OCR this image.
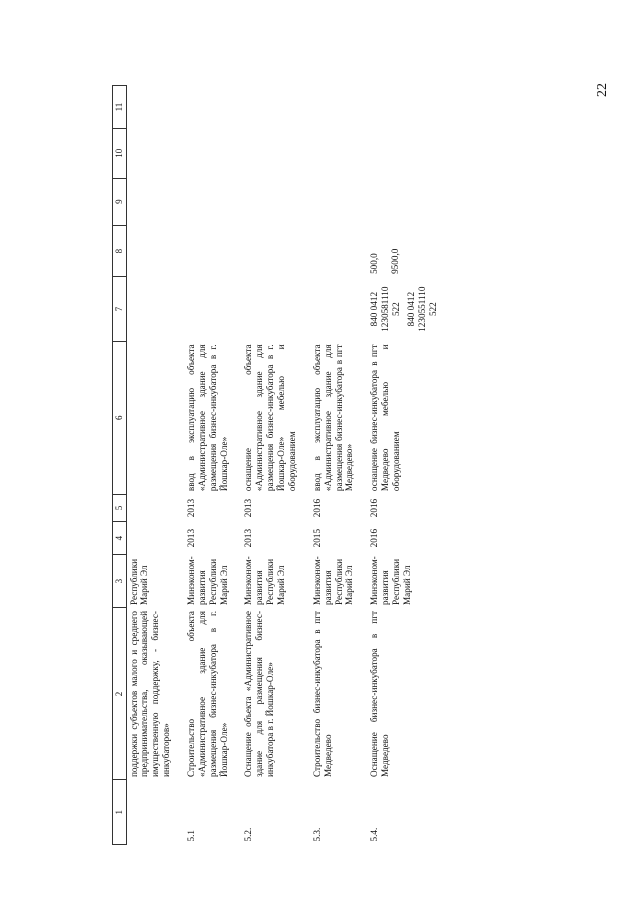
22
1	2	3	4	5	6	7	8	9	10	11
	поддержки субъектов малого и среднего предпринимательства, оказывающей имущественную поддержку, - бизнес-инкубаторов»	Республики Марий Эл								
5.1	Строительство объекта «Административное здание для размещения бизнес-инкубатора в г. Йошкар-Оле»	Минэконом-развития Республики Марий Эл	2013	2013	ввод в эксплуатацию объекта «Административное здание для размещения бизнес-инкубатора в г. Йошкар-Оле»	

5.2.	Оснащение объекта «Административное здание для размещения бизнес-инкубатора в г. Йошкар-Оле»	Минэконом-развития Республики Марий Эл	2013	2013	оснащение объекта «Административное здание для размещения бизнес-инкубатора в г. Йошкар-Оле» мебелью и оборудованием	

5.3.	Строительство бизнес-инкубатора в пгт Медведево	Минэконом-развития Республики Марий Эл	2015	2016	ввод в эксплуатацию объекта «Административное здание для размещения бизнес-инкубатора в пгт Медведево»	

5.4.	Оснащение бизнес-инкубатора в пгт Медведево	Минэконом-развития Республики Марий Эл	2016	2016	оснащение бизнес-инкубатора в пгт Медведево мебелью и оборудованием	840 0412 1230581110 522 840 0412 1230551110 522	500,0 9500,0			
